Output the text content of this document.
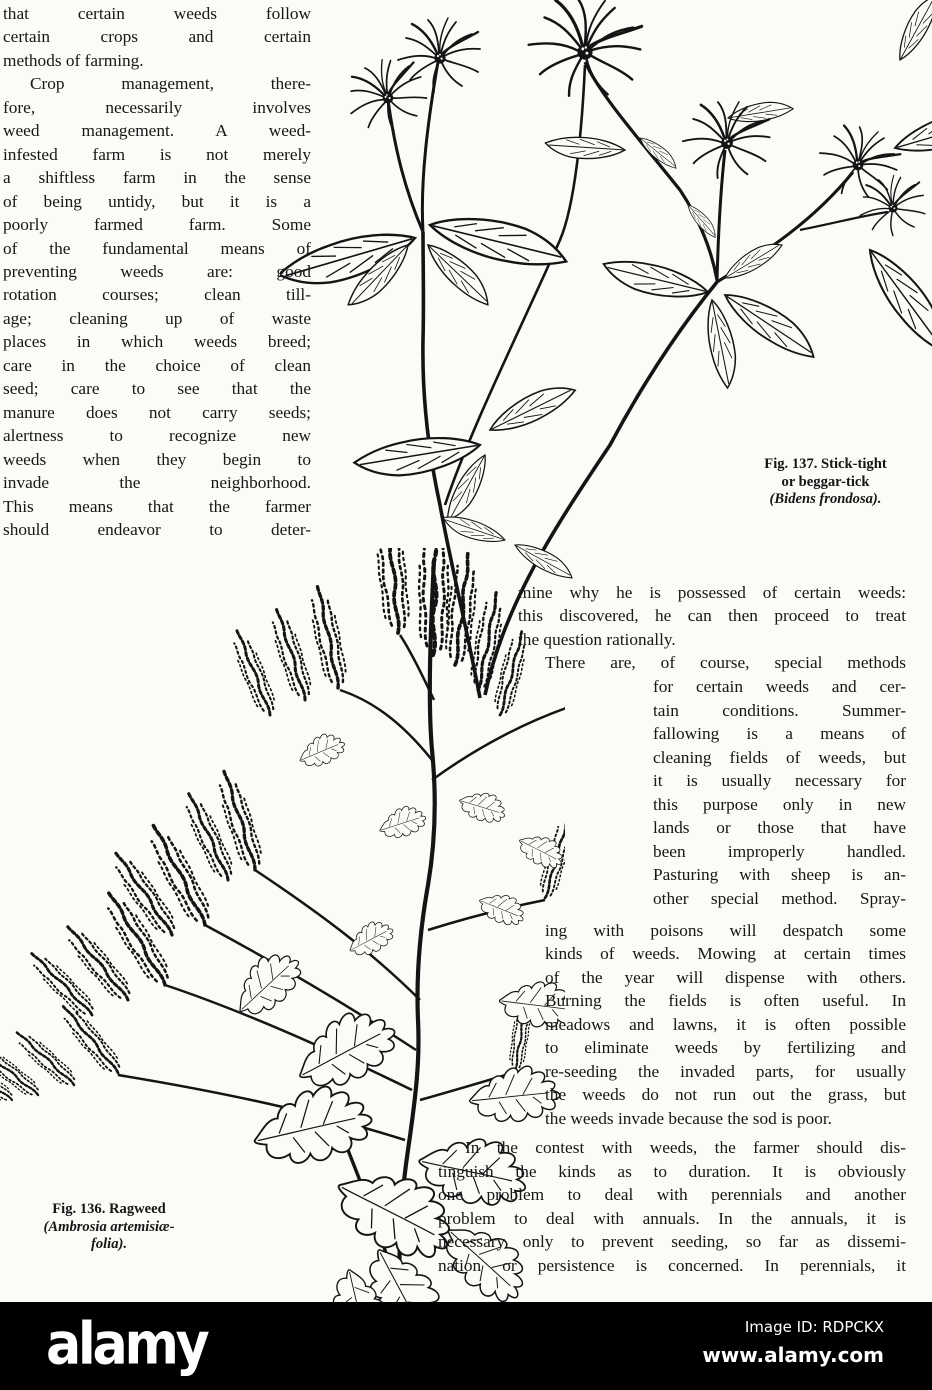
that certain weeds follow
certain crops and certain
methods of farming.
Crop management, there-
fore, necessarily involves
weed management. A weed-
infested farm is not merely
a shiftless farm in the sense
of being untidy, but it is a
poorly farmed farm. Some
of the fundamental means of
preventing weeds are: good
rotation courses; clean till-
age; cleaning up of waste
places in which weeds breed;
care in the choice of clean
seed; care to see that the
manure does not carry seeds;
alertness to recognize new
weeds when they begin to
invade the neighborhood.
This means that the farmer
should endeavor to deter-
mine why he is possessed of certain weeds:
this discovered, he can then proceed to treat
the question rationally.
There are, of course, special methods
for certain weeds and cer-
tain conditions. Summer-
fallowing is a means of
cleaning fields of weeds, but
it is usually necessary for
this purpose only in new
lands or those that have
been improperly handled.
Pasturing with sheep is an-
other special method. Spray-
ing with poisons will despatch some
kinds of weeds. Mowing at certain times
of the year will dispense with others.
Burning the fields is often useful. In
meadows and lawns, it is often possible
to eliminate weeds by fertilizing and
re-seeding the invaded parts, for usually
the weeds do not run out the grass, but
the weeds invade because the sod is poor.
In the contest with weeds, the farmer should dis-
tinguish the kinds as to duration. It is obviously
one problem to deal with perennials and another
problem to deal with annuals. In the annuals, it is
necessary only to prevent seeding, so far as dissemi-
nation or persistence is concerned. In perennials, it
Fig. 137. Stick-tight
or beggar-tick
(Bidens frondosa).
Fig. 136. Ragweed
(Ambrosia artemisiæ-
folia).
alamy	Image ID: RDPCKX
www.alamy.com
